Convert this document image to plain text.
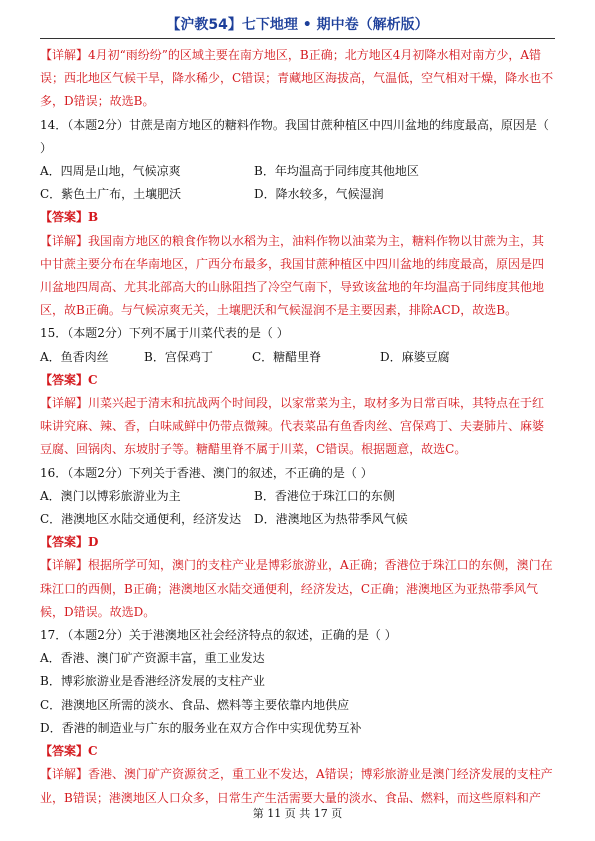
【沪教54】七下地理 • 期中卷（解析版）
【详解】4月初“雨纷纷”的区域主要在南方地区，B正确；北方地区4月初降水相对南方少，A错误；西北地区气候干旱，降水稀少，C错误；青藏地区海拔高，气温低，空气相对干燥，降水也不多，D错误；故选B。
14．（本题2分）甘蔗是南方地区的糖料作物。我国甘蔗种植区中四川盆地的纬度最高，原因是（ ）
A．四周是山地，气候凉爽	B．年均温高于同纬度其他地区
C．紫色土广布，土壤肥沃	D．降水较多，气候湿润
【答案】B
【详解】我国南方地区的粮食作物以水稻为主，油料作物以油菜为主，糖料作物以甘蔗为主，其中甘蔗主要分布在华南地区，广西分布最多，我国甘蔗种植区中四川盆地的纬度最高，原因是四川盆地四周高、尤其北部高大的山脉阻挡了冷空气南下，导致该盆地的年均温高于同纬度其他地区，故B正确。与气候凉爽无关，土壤肥沃和气候湿润不是主要因素，排除ACD，故选B。
15．（本题2分）下列不属于川菜代表的是（ ）
A．鱼香肉丝	B．宫保鸡丁	C．糖醋里脊	D．麻婆豆腐
【答案】C
【详解】川菜兴起于清末和抗战两个时间段，以家常菜为主，取材多为日常百味，其特点在于红味讲究麻、辣、香，白味咸鲜中仍带点微辣。代表菜品有鱼香肉丝、宫保鸡丁、夫妻肺片、麻婆豆腐、回锅肉、东坡肘子等。糖醋里脊不属于川菜，C错误。根据题意，故选C。
16．（本题2分）下列关于香港、澳门的叙述，不正确的是（ ）
A．澳门以博彩旅游业为主	B．香港位于珠江口的东侧
C．港澳地区水陆交通便利，经济发达	D．港澳地区为热带季风气候
【答案】D
【详解】根据所学可知，澳门的支柱产业是博彩旅游业，A正确；香港位于珠江口的东侧，澳门在珠江口的西侧，B正确；港澳地区水陆交通便利，经济发达，C正确；港澳地区为亚热带季风气候，D错误。故选D。
17．（本题2分）关于港澳地区社会经济特点的叙述，正确的是（ ）
A．香港、澳门矿产资源丰富，重工业发达
B．博彩旅游业是香港经济发展的支柱产业
C．港澳地区所需的淡水、食品、燃料等主要依靠内地供应
D．香港的制造业与广东的服务业在双方合作中实现优势互补
【答案】C
【详解】香港、澳门矿产资源贫乏，重工业不发达，A错误；博彩旅游业是澳门经济发展的支柱产业，B错误；港澳地区人口众多，日常生产生活需要大量的淡水、食品、燃料，而这些原料和产
第 11 页 共 17 页
